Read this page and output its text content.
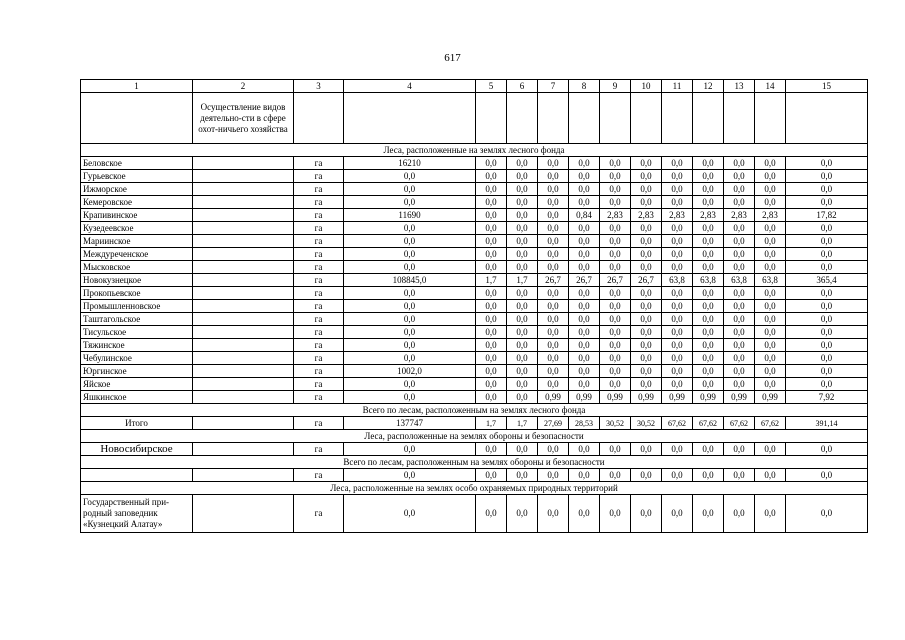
617
1	2	3	4	5	6	7	8	9	10	11	12	13	14	15
	Осуществление видов деятельно-сти в сфере охот-ничьего хозяйства													
Леса, расположенные на землях лесного фонда														
Беловское		га	16210	0,0	0,0	0,0	0,0	0,0	0,0	0,0	0,0	0,0	0,0	0,0
Гурьевское		га	0,0	0,0	0,0	0,0	0,0	0,0	0,0	0,0	0,0	0,0	0,0	0,0
Ижморское		га	0,0	0,0	0,0	0,0	0,0	0,0	0,0	0,0	0,0	0,0	0,0	0,0
Кемеровское		га	0,0	0,0	0,0	0,0	0,0	0,0	0,0	0,0	0,0	0,0	0,0	0,0
Крапивинское		га	11690	0,0	0,0	0,0	0,84	2,83	2,83	2,83	2,83	2,83	2,83	17,82
Кузедеевское		га	0,0	0,0	0,0	0,0	0,0	0,0	0,0	0,0	0,0	0,0	0,0	0,0
Мариинское		га	0,0	0,0	0,0	0,0	0,0	0,0	0,0	0,0	0,0	0,0	0,0	0,0
Междуреченское		га	0,0	0,0	0,0	0,0	0,0	0,0	0,0	0,0	0,0	0,0	0,0	0,0
Мысковское		га	0,0	0,0	0,0	0,0	0,0	0,0	0,0	0,0	0,0	0,0	0,0	0,0
Новокузнецкое		га	108845,0	1,7	1,7	26,7	26,7	26,7	26,7	63,8	63,8	63,8	63,8	365,4
Прокопьевское		га	0,0	0,0	0,0	0,0	0,0	0,0	0,0	0,0	0,0	0,0	0,0	0,0
Промышленновское		га	0,0	0,0	0,0	0,0	0,0	0,0	0,0	0,0	0,0	0,0	0,0	0,0
Таштагольское		га	0,0	0,0	0,0	0,0	0,0	0,0	0,0	0,0	0,0	0,0	0,0	0,0
Тисульское		га	0,0	0,0	0,0	0,0	0,0	0,0	0,0	0,0	0,0	0,0	0,0	0,0
Тяжинское		га	0,0	0,0	0,0	0,0	0,0	0,0	0,0	0,0	0,0	0,0	0,0	0,0
Чебулинское		га	0,0	0,0	0,0	0,0	0,0	0,0	0,0	0,0	0,0	0,0	0,0	0,0
Юргинское		га	1002,0	0,0	0,0	0,0	0,0	0,0	0,0	0,0	0,0	0,0	0,0	0,0
Яйское		га	0,0	0,0	0,0	0,0	0,0	0,0	0,0	0,0	0,0	0,0	0,0	0,0
Яшкинское		га	0,0	0,0	0,0	0,99	0,99	0,99	0,99	0,99	0,99	0,99	0,99	7,92
Всего по лесам, расположенным на землях лесного фонда														
Итого		га	137747	1,7	1,7	27,69	28,53	30,52	30,52	67,62	67,62	67,62	67,62	391,14
Леса, расположенные на землях обороны и безопасности														
Новосибирское		га	0,0	0,0	0,0	0,0	0,0	0,0	0,0	0,0	0,0	0,0	0,0	0,0
Всего по лесам, расположенным на землях обороны и безопасности														
		га	0,0	0,0	0,0	0,0	0,0	0,0	0,0	0,0	0,0	0,0	0,0	0,0
Леса, расположенные на землях особо охраняемых природных территорий														
Государственный при-родный заповедник «Кузнецкий Алатау»		га	0,0	0,0	0,0	0,0	0,0	0,0	0,0	0,0	0,0	0,0	0,0	0,0
